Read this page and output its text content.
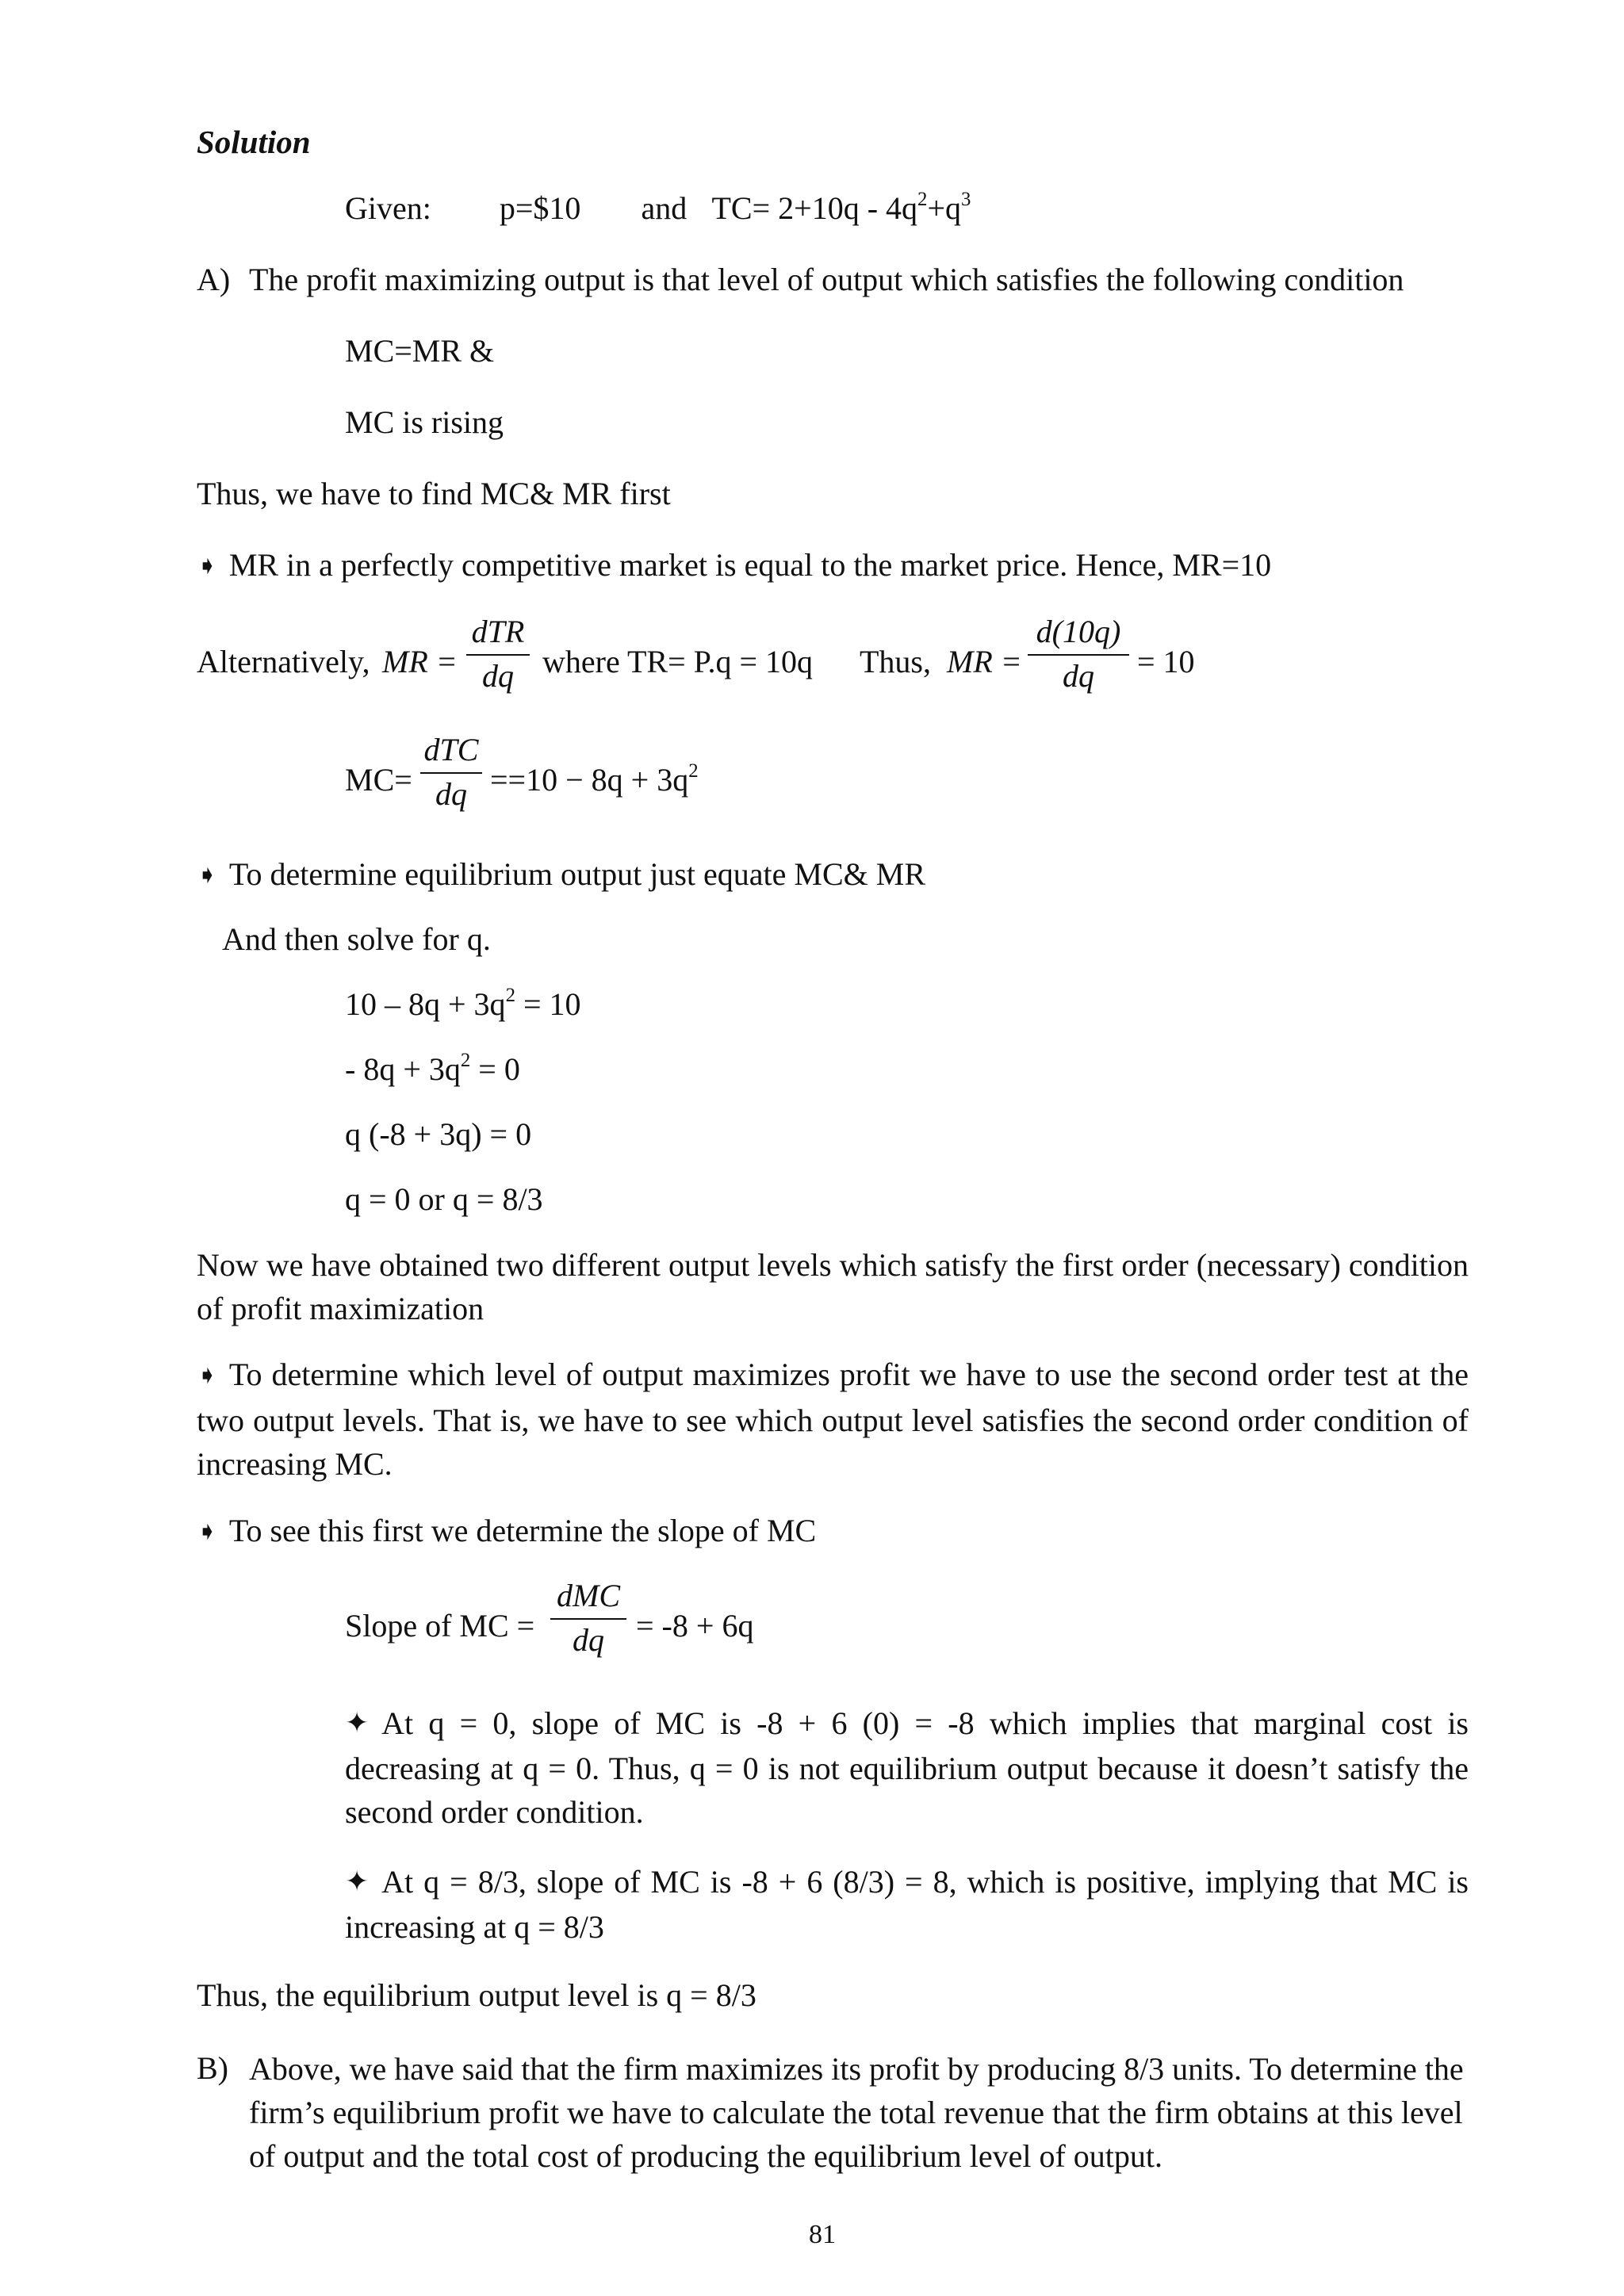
Solution
Given: p=$10 and $TC= 2+10q - 4q^2+q^3$
A) The profit maximizing output is that level of output which satisfies the following condition
MC=MR &
MC is rising
Thus, we have to find MC& MR first
➧ MR in a perfectly competitive market is equal to the market price. Hence, MR=10
Alternatively, MR =
dTR
dq where TR= P.q = 10q Thus, MR =
d(10q)
dq	= 10
MC=
dTC
dq $==10 - 8q + 3q^2$
➧ To determine equilibrium output just equate MC& MR
And then solve for q.
$10 - 8q + 3q^2 = 10$
- $8q + 3q^2 = 0$
q (-8 + 3q) = 0
q = 0 or q = 8/3
Now we have obtained two different output levels which satisfy the first order (necessary) condition of profit maximization
➧ To determine which level of output maximizes profit we have to use the second order test at the two output levels. That is, we have to see which output level satisfies the second order condition of increasing MC.
➧ To see this first we determine the slope of MC
Slope of MC =
dMC
dq	= -8 + 6q
✦ At q = 0, slope of MC is -8 + 6 (0) = -8 which implies that marginal cost is decreasing at q = 0. Thus, q = 0 is not equilibrium output because it doesn’t satisfy the second order condition.
✦ At q = 8/3, slope of MC is -8 + 6 (8/3) = 8, which is positive, implying that MC is increasing at q = 8/3
Thus, the equilibrium output level is q = 8/3
B) Above, we have said that the firm maximizes its profit by producing 8/3 units. To determine the firm’s equilibrium profit we have to calculate the total revenue that the firm obtains at this level of output and the total cost of producing the equilibrium level of output.
81
